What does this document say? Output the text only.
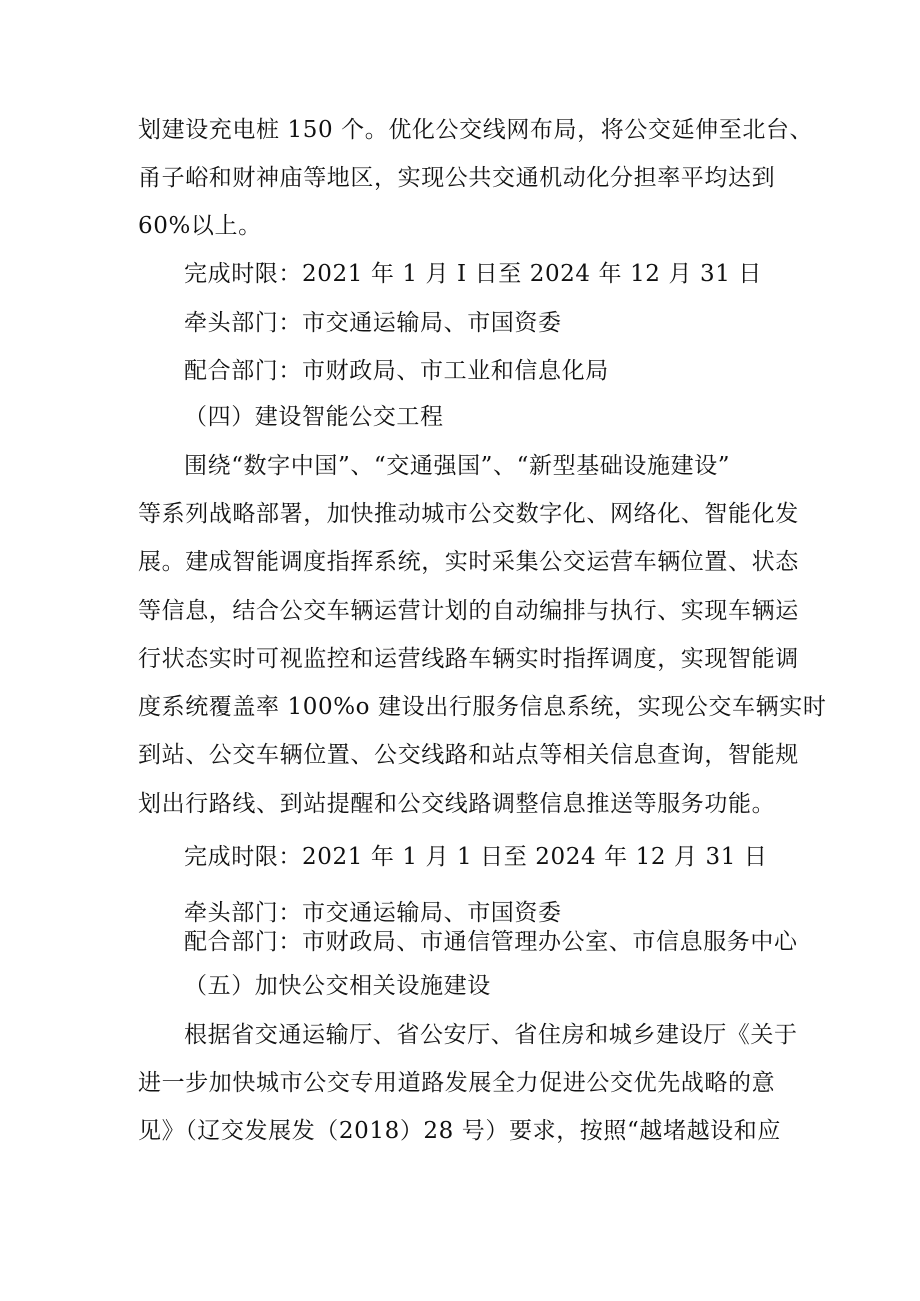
划建设充电桩 150 个。优化公交线网布局，将公交延伸至北台、
甬子峪和财神庙等地区，实现公共交通机动化分担率平均达到
60%以上。
完成时限：2021 年 1 月 I 日至 2024 年 12 月 31 日
牵头部门：市交通运输局、市国资委
配合部门：市财政局、市工业和信息化局
（四）建设智能公交工程
围绕“数字中国”、“交通强国”、“新型基础设施建设”
等系列战略部署，加快推动城市公交数字化、网络化、智能化发
展。建成智能调度指挥系统，实时采集公交运营车辆位置、状态
等信息，结合公交车辆运营计划的自动编排与执行、实现车辆运
行状态实时可视监控和运营线路车辆实时指挥调度，实现智能调
度系统覆盖率 100%o 建设出行服务信息系统，实现公交车辆实时
到站、公交车辆位置、公交线路和站点等相关信息查询，智能规
划出行路线、到站提醒和公交线路调整信息推送等服务功能。
完成时限：2021 年 1 月 1 日至 2024 年 12 月 31 日
牵头部门：市交通运输局、市国资委
配合部门：市财政局、市通信管理办公室、市信息服务中心
（五）加快公交相关设施建设
根据省交通运输厅、省公安厅、省住房和城乡建设厅《关于
进一步加快城市公交专用道路发展全力促进公交优先战略的意
见》（辽交发展发（2018）28 号）要求，按照“越堵越设和应
